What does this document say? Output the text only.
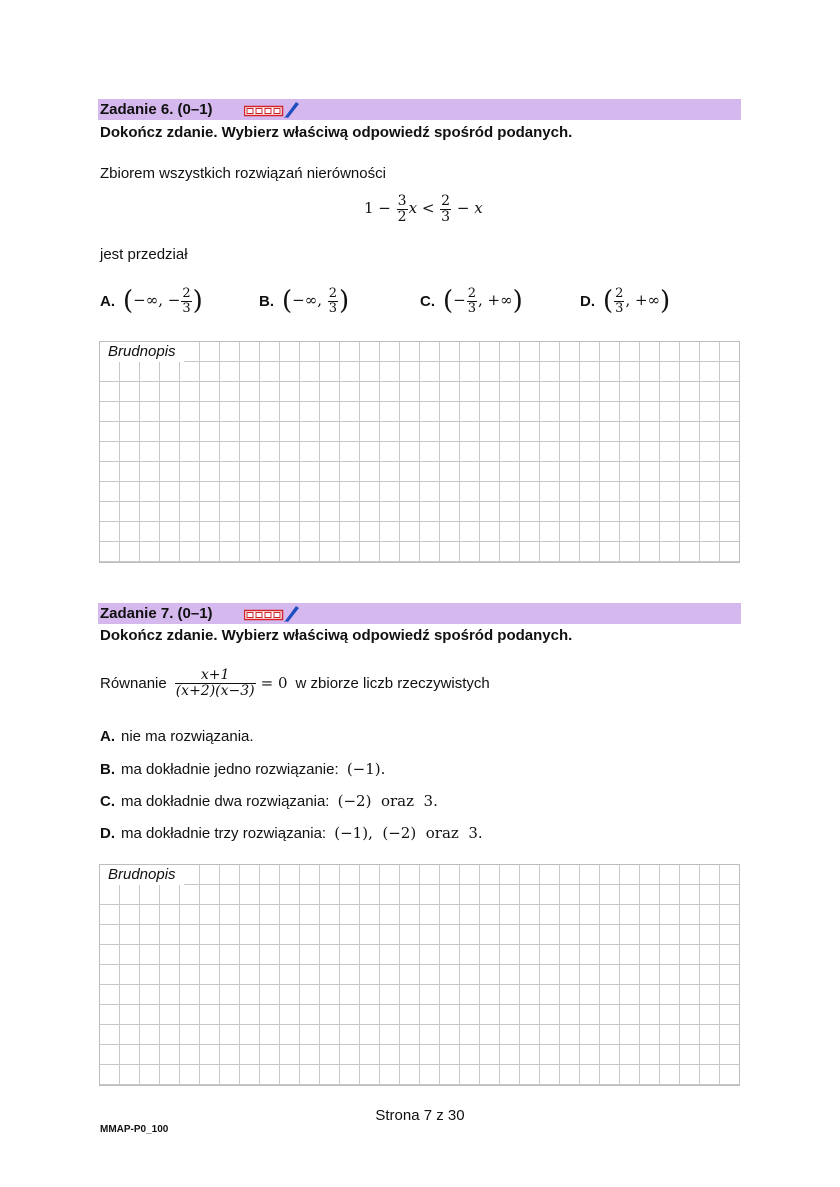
Zadanie 6. (0–1)
Dokończ zdanie. Wybierz właściwą odpowiedź spośród podanych.
Zbiorem wszystkich rozwiązań nierówności
$1 - \frac{3}{2}$ $x < \frac{2}{3} - x$
jest przedział
A. (−∞, − $\frac{2}{3}$ )	B. (−∞, $\frac{2}{3}$ )	C. (− $\frac{2}{3}$ , +∞)	D. ( $\frac{2}{3}$ , +∞)
Brudnopis
Zadanie 7. (0–1)
Dokończ zdanie. Wybierz właściwą odpowiedź spośród podanych.
Równanie $\frac{x+1}{(x+2)(x-3)} = 0$ w zbiorze liczb rzeczywistych
A. nie ma rozwiązania.
B. ma dokładnie jedno rozwiązanie: (−1).
C. ma dokładnie dwa rozwiązania: (−2)  oraz  3.
D. ma dokładnie trzy rozwiązania: (−1),  (−2)  oraz  3.
Brudnopis
Strona 7 z 30
MMAP-P0_100
